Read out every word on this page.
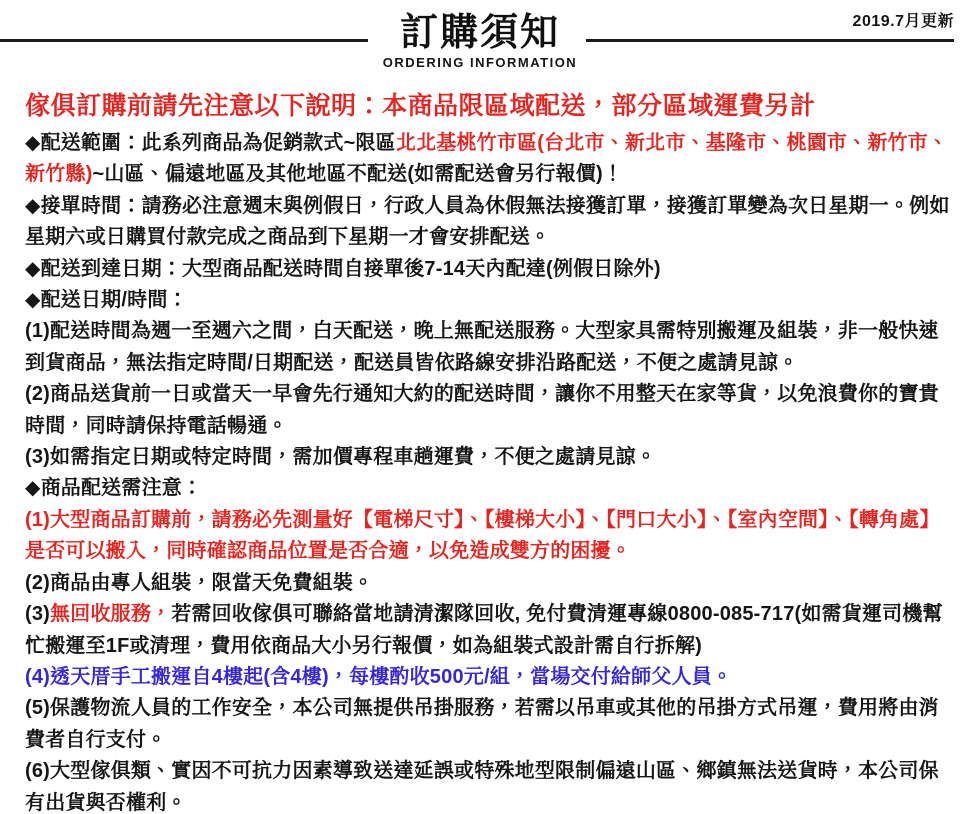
2019.7月更新
訂購須知
ORDERING INFORMATION
傢俱訂購前請先注意以下說明：本商品限區域配送，部分區域運費另計
◆配送範圍：此系列商品為促銷款式~限區北北基桃竹市區(台北市、新北市、基隆市、桃園市、新竹市、新竹縣)~山區、偏遠地區及其他地區不配送(如需配送會另行報價)！
◆接單時間：請務必注意週末與例假日，行政人員為休假無法接獲訂單，接獲訂單變為次日星期一。例如星期六或日購買付款完成之商品到下星期一才會安排配送。
◆配送到達日期：大型商品配送時間自接單後7-14天內配達(例假日除外)
◆配送日期/時間：
(1)配送時間為週一至週六之間，白天配送，晚上無配送服務。大型家具需特別搬運及組裝，非一般快速到貨商品，無法指定時間/日期配送，配送員皆依路線安排沿路配送，不便之處請見諒。
(2)商品送貨前一日或當天一早會先行通知大約的配送時間，讓你不用整天在家等貨，以免浪費你的寶貴時間，同時請保持電話暢通。
(3)如需指定日期或特定時間，需加價專程車趟運費，不便之處請見諒。
◆商品配送需注意：
(1)大型商品訂購前，請務必先測量好【電梯尺寸】、【樓梯大小】、【門口大小】、【室內空間】、【轉角處】是否可以搬入，同時確認商品位置是否合適，以免造成雙方的困擾。
(2)商品由專人組裝，限當天免費組裝。
(3)無回收服務，若需回收傢俱可聯絡當地請清潔隊回收, 免付費清運專線0800-085-717(如需貨運司機幫忙搬運至1F或清理，費用依商品大小另行報價，如為組裝式設計需自行拆解)
(4)透天厝手工搬運自4樓起(含4樓)，每樓酌收500元/組，當場交付給師父人員。
(5)保護物流人員的工作安全，本公司無提供吊掛服務，若需以吊車或其他的吊掛方式吊運，費用將由消費者自行支付。
(6)大型傢俱類、實因不可抗力因素導致送達延誤或特殊地型限制偏遠山區、鄉鎮無法送貨時，本公司保有出貨與否權利。
